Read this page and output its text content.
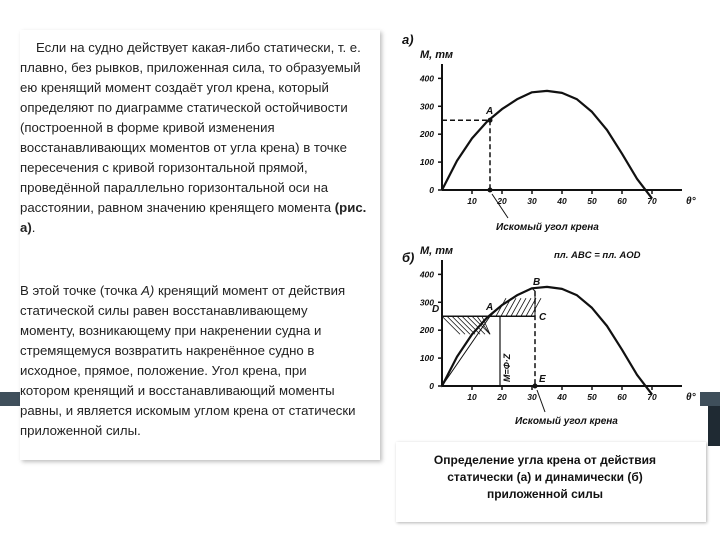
Если на судно действует какая-либо статически, т. е. плавно, без рывков, приложенная сила, то образуемый ею кренящий момент создаёт угол крена, который определяют по диаграмме статической остойчивости (построенной в форме кривой изменения восстанавливающих моментов от угла крена) в точке пересечения с кривой горизонтальной прямой, проведённой параллельно горизонтальной оси на расстоянии, равном значению кренящего момента (рис. а).

В этой точке (точка А) кренящий момент от действия статической силы равен восстанавливающему моменту, возникающему при накренении судна и стремящемуся возвратить накренённое судно в исходное, прямое, положение. Угол крена, при котором кренящий и восстанавливающий моменты равны, и является искомым углом крена от статически приложенной силы.

а)
M, тм
θ°
0
100
200
300
400
10 20 30 40 50 60 70
A
Искомый угол крена
б) M, тм
θ°
0
100
200
300
400
10 20 30 40 50 60 70
M=Ф·Z
D	A
B
C
E
пл. ABC = пл. AOD
Искомый угол крена

Определение угла крена от действия статически (а) и динамически (б) приложенной силы
